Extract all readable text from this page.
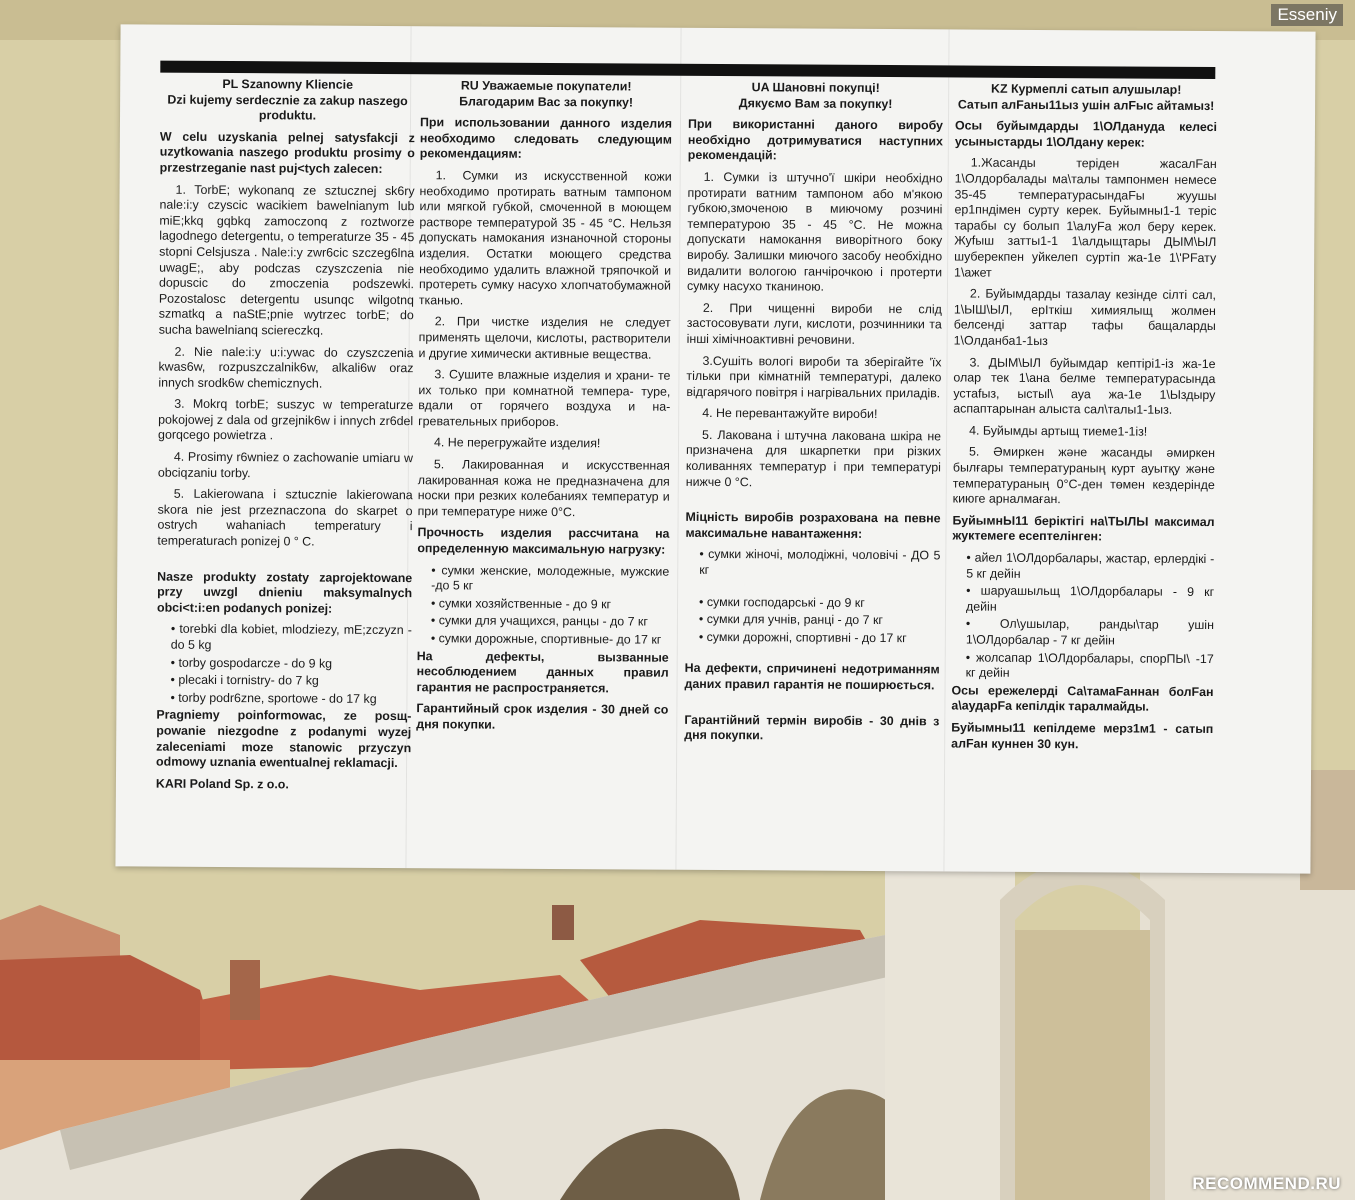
Esseniy
PL Szanowny Kliencie

Dzi kujemy serdecznie za zakup naszego produktu.

W celu uzyskania pelnej satysfakcji z uzytkowania naszego produktu prosimy o przestrzeganie nast puj<tych zalecen:

1. TorbE; wykonanq ze sztucznej sk6ry nale:i:y czyscic wacikiem bawelnianym lub miE;kkq gqbkq zamoczonq z roztworze lagodnego detergentu, o temperaturze 35 - 45 stopni Celsjusza . Nale:i:y zwr6cic szczeg6lna uwagE;, aby podczas czyszczenia nie dopuscic do zmoczenia podszewki. Pozostalosc detergentu usunqc wilgotnq szmatkq a naStE;pnie wytrzec torbE; do sucha bawelnianq sciereczkq.

2. Nie nale:i:y u:i:ywac do czyszczenia kwas6w, rozpuszczalnik6w, alkali6w oraz innych srodk6w chemicznych.

3. Mokrq torbE; suszyc w temperaturze pokojowej z dala od grzejnik6w i innych zr6del gorqcego powietrza .

4. Prosimy r6wniez o zachowanie umiaru w obciqzaniu torby.

5. Lakierowana i sztucznie lakierowana skora nie jest przeznaczona do skarpet o ostrych wahaniach temperatury i temperaturach ponizej 0 ° C.

Nasze produkty zostaty zaprojektowane przy uwzgl dnieniu maksymalnych obci<t:i:en podanych ponizej:

• torebki dla kobiet, mlodziezy, mE;zczyzn - do 5 kg

• torby gospodarcze - do 9 kg

• plecaki i tornistry- do 7 kg

• torby podr6zne, sportowe - do 17 kg

Pragniemy poinformowac, ze posщ- powanie niezgodne z podanymi wyzej zaleceniami moze stanowic przyczyn odmowy uznania ewentualnej reklamacji.

KARI Poland Sp. z o.o.

RU Уважаемые покупатели!

Благодарим Вас за покупку!

При использовании данного изделия необходимо следовать следующим рекомендациям:

1. Сумки из искусственной кожи необходимо протирать ватным тампоном или мягкой губкой, смоченной в моющем растворе температурой 35 - 45 °C. Нельзя допускать намокания изнаночной стороны изделия. Остатки моющего средства необходимо удалить влажной тряпочкой и протереть сумку насухо хлопчатобумажной тканью.

2. При чистке изделия не следует применять щелочи, кислоты, растворители и другие химически активные вещества.

3. Сушите влажные изделия и храни- те их только при комнатной темпера- туре, вдали от горячего воздуха и на- гревательных приборов.

4. Не перегружайте изделия!

5. Лакированная и искусственная лакированная кожа не предназначена для носки при резких колебаниях температур и при температуре ниже 0°C.

Прочность изделия рассчитана на определенную максимальную нагрузку:

• сумки женские, молодежные, мужские -до 5 кг

• сумки хозяйственные - до 9 кг

• сумки для учащихся, ранцы - до 7 кг

• сумки дорожные, спортивные- до 17 кг

На дефекты, вызванные несоблюдением данных правил гарантия не распространяется.

Гарантийный срок изделия - 30 дней со дня покупки.

UA Шановні покупці!

Дякуємо Вам за покупку!

При використанні даного виробу необхідно дотримуватися наступних рекомендацій:

1. Сумки із штучно'ї шкіри необхідно протирати ватним тампоном або м'якою губкою,змоченою в миючому розчині температурою 35 - 45 °C. Не можна допускати намокання виворітного боку виробу. Залишки миючого засобу необхідно видалити вологою ганчірочкою і протерти сумку насухо тканиною.

2. При чищенні вироби не слід застосовувати луги, кислоти, розчинники та інші хімічноактивні речовини.

3.Сушіть вологі вироби та зберігайте 'їх тільки при кімнатній температурі, далеко відгарячого повітря і нагрівальних приладів.

4. Не перевантажуйте вироби!

5. Лакована і штучна лакована шкіра не призначена для шкарпетки при різких коливаннях температур і при температурі нижче 0 °C.

Міцність виробів розрахована на певне максимальне навантаження:

• сумки жіночі, молодіжні, чоловічі - ДО 5 кг

• сумки господарські - до 9 кг

• сумки для учнів, ранці - до 7 кг

• сумки дорожні, спортивні - до 17 кг

На дефекти, спричинені недотриманням даних правил гарантія не поширюється.

Гарантійний термін виробів - 30 днів з дня покупки.

KZ Курмеплі сатып алушылар!

Сатып алFаны11ыз ушін алFыс айтамыз!

Осы буйымдарды 1\ОЛдануда келесі усыныстарды 1\ОЛдану керек:

1.Жасанды теріден жасалFан 1\Олдорбалады ма\талы тампонмен немесе 35-45 температурасындаFы жуушы ер1пндімен сурту керек. Буйымны1-1 теріс тарабы су болып 1\алуFа жол беру керек. Жуfыш затты1-1 1\алдыщтары ДЫМ\ЫЛ шуберекпен уйкелеп суртіп жа-1е 1\'PFату 1\ажет

2. Буйымдарды тазалау кезінде сілті сал, 1\ЫШ\ЫЛ, ерІткіш химиялыщ жолмен белсенді заттар тафы бащаларды 1\Олданба1-1ыз

3. ДЫМ\ЫЛ буйымдар кептірі1-із жа-1е олар тек 1\ана белме температурасында устаfыз, ыстыl\ ауа жа-1е 1\Ыздыру аспаптарынан алыста сал\талы1-1ыз.

4. Буйымды артыщ тиеме1-1із!

5. Әмиркен және жасанды әмиркен былғары температураның курт ауытқу және температураның 0°С-ден төмен кездерінде киюге арналмаған.

БуйымнЫ11 беріктігі на\ТЫЛЫ максимал жуктемеге есептелінген:

• айел 1\ОЛдорбалары, жастар, ерлердікі - 5 кг дейін

• шаруашыльщ 1\ОЛдорбалары - 9 кг дейін

• Ол\ушылар, ранды\тар ушін 1\ОЛдорбалар - 7 кг дейін

• жолсапар 1\ОЛдорбалары, спорПЫ\ -17 кг дейін

Осы ережелерді Са\тамаFаннан болFан а\аударFа кепілдік таралмайды.

Буйымны11 кепілдеме мерз1м1 - сатып алFан куннен 30 кун.

RECOMMEND.RU
